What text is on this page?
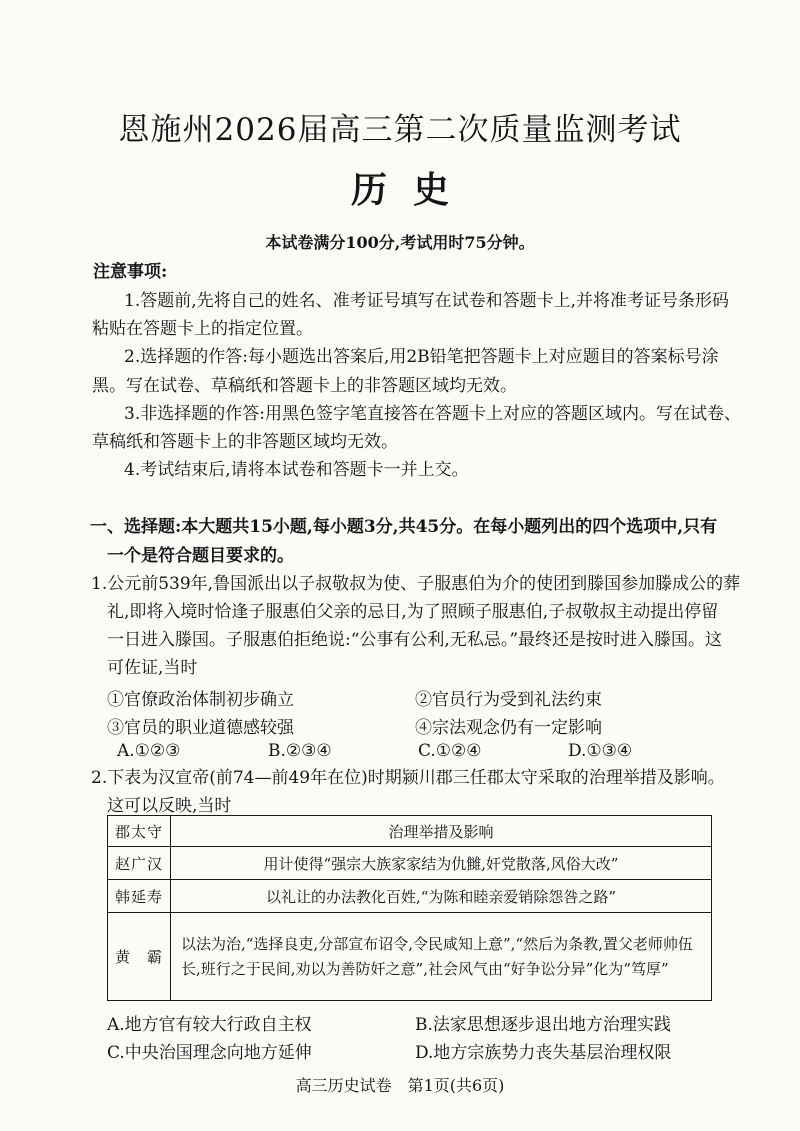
恩施州2026届高三第二次质量监测考试
历史
本试卷满分100分,考试用时75分钟。
注意事项:
1.答题前,先将自己的姓名、准考证号填写在试卷和答题卡上,并将准考证号条形码
粘贴在答题卡上的指定位置。
2.选择题的作答:每小题选出答案后,用2B铅笔把答题卡上对应题目的答案标号涂
黑。写在试卷、草稿纸和答题卡上的非答题区域均无效。
3.非选择题的作答:用黑色签字笔直接答在答题卡上对应的答题区域内。写在试卷、
草稿纸和答题卡上的非答题区域均无效。
4.考试结束后,请将本试卷和答题卡一并上交。
一、选择题:本大题共15小题,每小题3分,共45分。在每小题列出的四个选项中,只有
一个是符合题目要求的。
1.公元前539年,鲁国派出以子叔敬叔为使、子服惠伯为介的使团到滕国参加滕成公的葬
礼,即将入境时恰逢子服惠伯父亲的忌日,为了照顾子服惠伯,子叔敬叔主动提出停留
一日进入滕国。子服惠伯拒绝说:“公事有公利,无私忌。”最终还是按时进入滕国。这
可佐证,当时
①官僚政治体制初步确立	②官员行为受到礼法约束
③官员的职业道德感较强	④宗法观念仍有一定影响
A.①②③	B.②③④	C.①②④	D.①③④
2.下表为汉宣帝(前74—前49年在位)时期颍川郡三任郡太守采取的治理举措及影响。
这可以反映,当时
郡太守	治理举措及影响
赵广汉	用计使得“强宗大族家家结为仇雠,奸党散落,风俗大改”
韩延寿	以礼让的办法教化百姓,“为陈和睦亲爱销除怨咎之路”
黄　霸	以法为治,“选择良吏,分部宣布诏令,令民咸知上意”,“然后为条教,置父老师帅伍长,班行之于民间,劝以为善防奸之意”,社会风气由“好争讼分异”化为“笃厚”
A.地方官有较大行政自主权	B.法家思想逐步退出地方治理实践
C.中央治国理念向地方延伸	D.地方宗族势力丧失基层治理权限
高三历史试卷　第1页(共6页)
